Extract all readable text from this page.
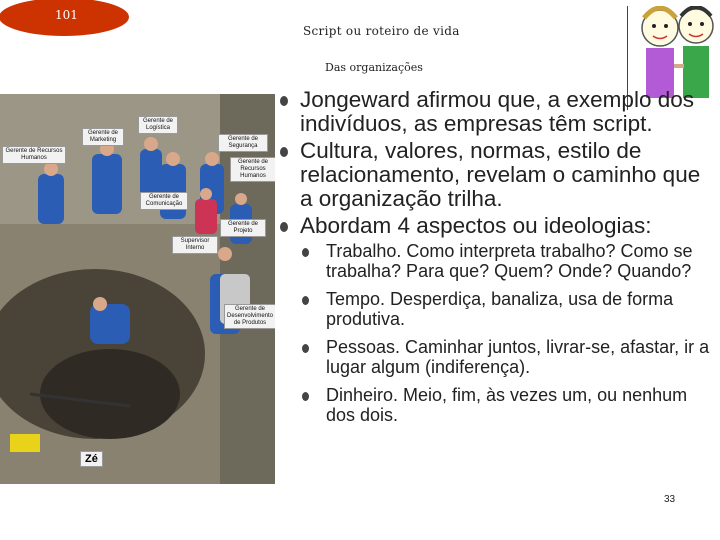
101
Script ou roteiro de vida
Das organizações
Gerente de Marketing
Gerente de Logística
Gerente de Recursos Humanos
Gerente de Segurança
Gerente de Recursos Humanos
Gerente de Comunicação
Gerente de Projeto
Supervisor Interno
Gerente de Desenvolvimento de Produtos
Zé
Jongeward afirmou que, a exemplo dos indivíduos, as empresas têm script.
Cultura, valores, normas, estilo de relacionamento, revelam o caminho que a organização trilha.
Abordam 4 aspectos ou ideologias:
Trabalho. Como interpreta trabalho? Como se trabalha? Para que? Quem? Onde? Quando?
Tempo. Desperdiça, banaliza, usa de forma produtiva.
Pessoas. Caminhar juntos, livrar-se, afastar, ir a lugar algum (indiferença).
Dinheiro. Meio, fim, às vezes um, ou nenhum dos dois.
33
